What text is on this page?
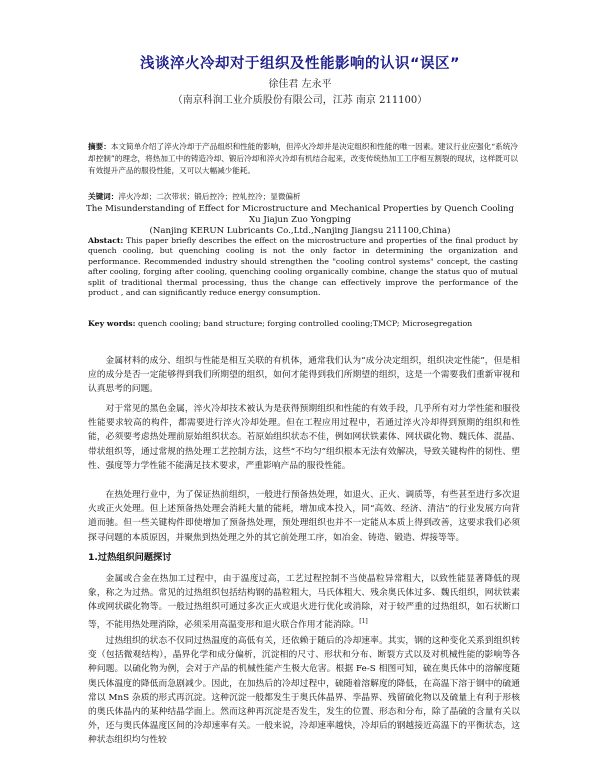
浅谈淬火冷却对于组织及性能影响的认识“误区”
徐佳君 左永平
（南京科润工业介质股份有限公司，江苏 南京 211100）
摘要：本文简单介绍了淬火冷却于产品组织和性能的影响，但淬火冷却并是决定组织和性能的唯一因素。建议行业应强化“系统冷却控制”的理念，将热加工中的铸造冷却、锻后冷却和淬火冷却有机结合起来，改变传统热加工工序相互割裂的现状，这样既可以有效提升产品的服役性能，又可以大幅减少能耗。
关键词：淬火冷却；二次带状；锻后控冷；控轧控冷；显微偏析
The Misunderstanding of Effect for Microstructure and Mechanical Properties by Quench Cooling
Xu Jiajun Zuo Yongping
(Nanjing KERUN Lubricants Co.,Ltd.,Nanjing Jiangsu 211100,China)
Abstact: This paper briefly describes the effect on the microstructure and properties of the final product by quench cooling, but quenching cooling is not the only factor in determining the organization and performance. Recommended industry should strengthen the "cooling control systems" concept, the casting after cooling, forging after cooling, quenching cooling organically combine, change the status quo of mutual split of traditional thermal processing, thus the change can effectively improve the performance of the product , and can significantly reduce energy consumption.
Key words: quench cooling; band structure; forging controlled cooling;TMCP; Microsegregation
金属材料的成分、组织与性能是相互关联的有机体，通常我们认为“成分决定组织，组织决定性能”，但是相应的成分是否一定能够得到我们所期望的组织，如何才能得到我们所期望的组织，这是一个需要我们重新审视和认真思考的问题。
对于常见的黑色金属，淬火冷却技术被认为是获得预期组织和性能的有效手段，几乎所有对力学性能和服役性能要求较高的构件，都需要进行淬火冷却处理。但在工程应用过程中，若通过淬火冷却得到预期的组织和性能，必须要考虑热处理前原始组织状态。若原始组织状态不佳，例如网状铁素体、网状碳化物、魏氏体、混晶、带状组织等，通过常规的热处理工艺控制方法，这些“不均匀”组织根本无法有效解决，导致关键构件的韧性、塑性、强度等力学性能不能满足技术要求，严重影响产品的服役性能。
在热处理行业中，为了保证热前组织，一般进行预备热处理，如退火、正火、调质等，有些甚至进行多次退火或正火处理。但上述预备热处理会消耗大量的能耗，增加成本投入，同“高效、经济、清洁”的行业发展方向背道而驰。但一些关键构件即使增加了预备热处理，预处理组织也并不一定能从本质上得到改善，这要求我们必须探寻问题的本质原因，并聚焦到热处理之外的其它前处理工序，如冶金、铸造、锻造、焊接等等。
1.过热组织问题探讨
金属或合金在热加工过程中，由于温度过高，工艺过程控制不当使晶粒异常粗大，以致性能显著降低的现象，称之为过热。常见的过热组织包括结构钢的晶粒粗大，马氏体粗大、残余奥氏体过多、魏氏组织，网状铁素体或网状碳化物等。一般过热组织可通过多次正火或退火进行优化或消除，对于较严重的过热组织，如石状断口等，不能用热处理消除，必须采用高温变形和退火联合作用才能消除。[1]
过热组织的状态不仅同过热温度的高低有关，还依赖于随后的冷却速率。其实，钢的这种变化关系到组织转变（包括微观结构），晶界化学和成分偏析，沉淀相的尺寸、形状和分布、断裂方式以及对机械性能的影响等各种问题。以硫化物为例，会对于产品的机械性能产生极大危害。根据 Fe-S 相图可知，硫在奥氏体中的溶解度随奥氏体温度的降低而急剧减少。因此，在加热后的冷却过程中，硫随着溶解度的降低，在高温下溶于钢中的硫通常以 MnS 杂质的形式再沉淀。这种沉淀一般都发生于奥氏体晶界、孪晶界、残留硫化物以及硫量上有利于形核的奥氏体晶内的某种结晶学面上。然而这种再沉淀是否发生，发生的位置、形态和分布，除了晶硫的含量有关以外，还与奥氏体温度区间的冷却速率有关。一般来说，冷却速率越快，冷却后的钢越接近高温下的平衡状态，这种状态组织均匀性较
